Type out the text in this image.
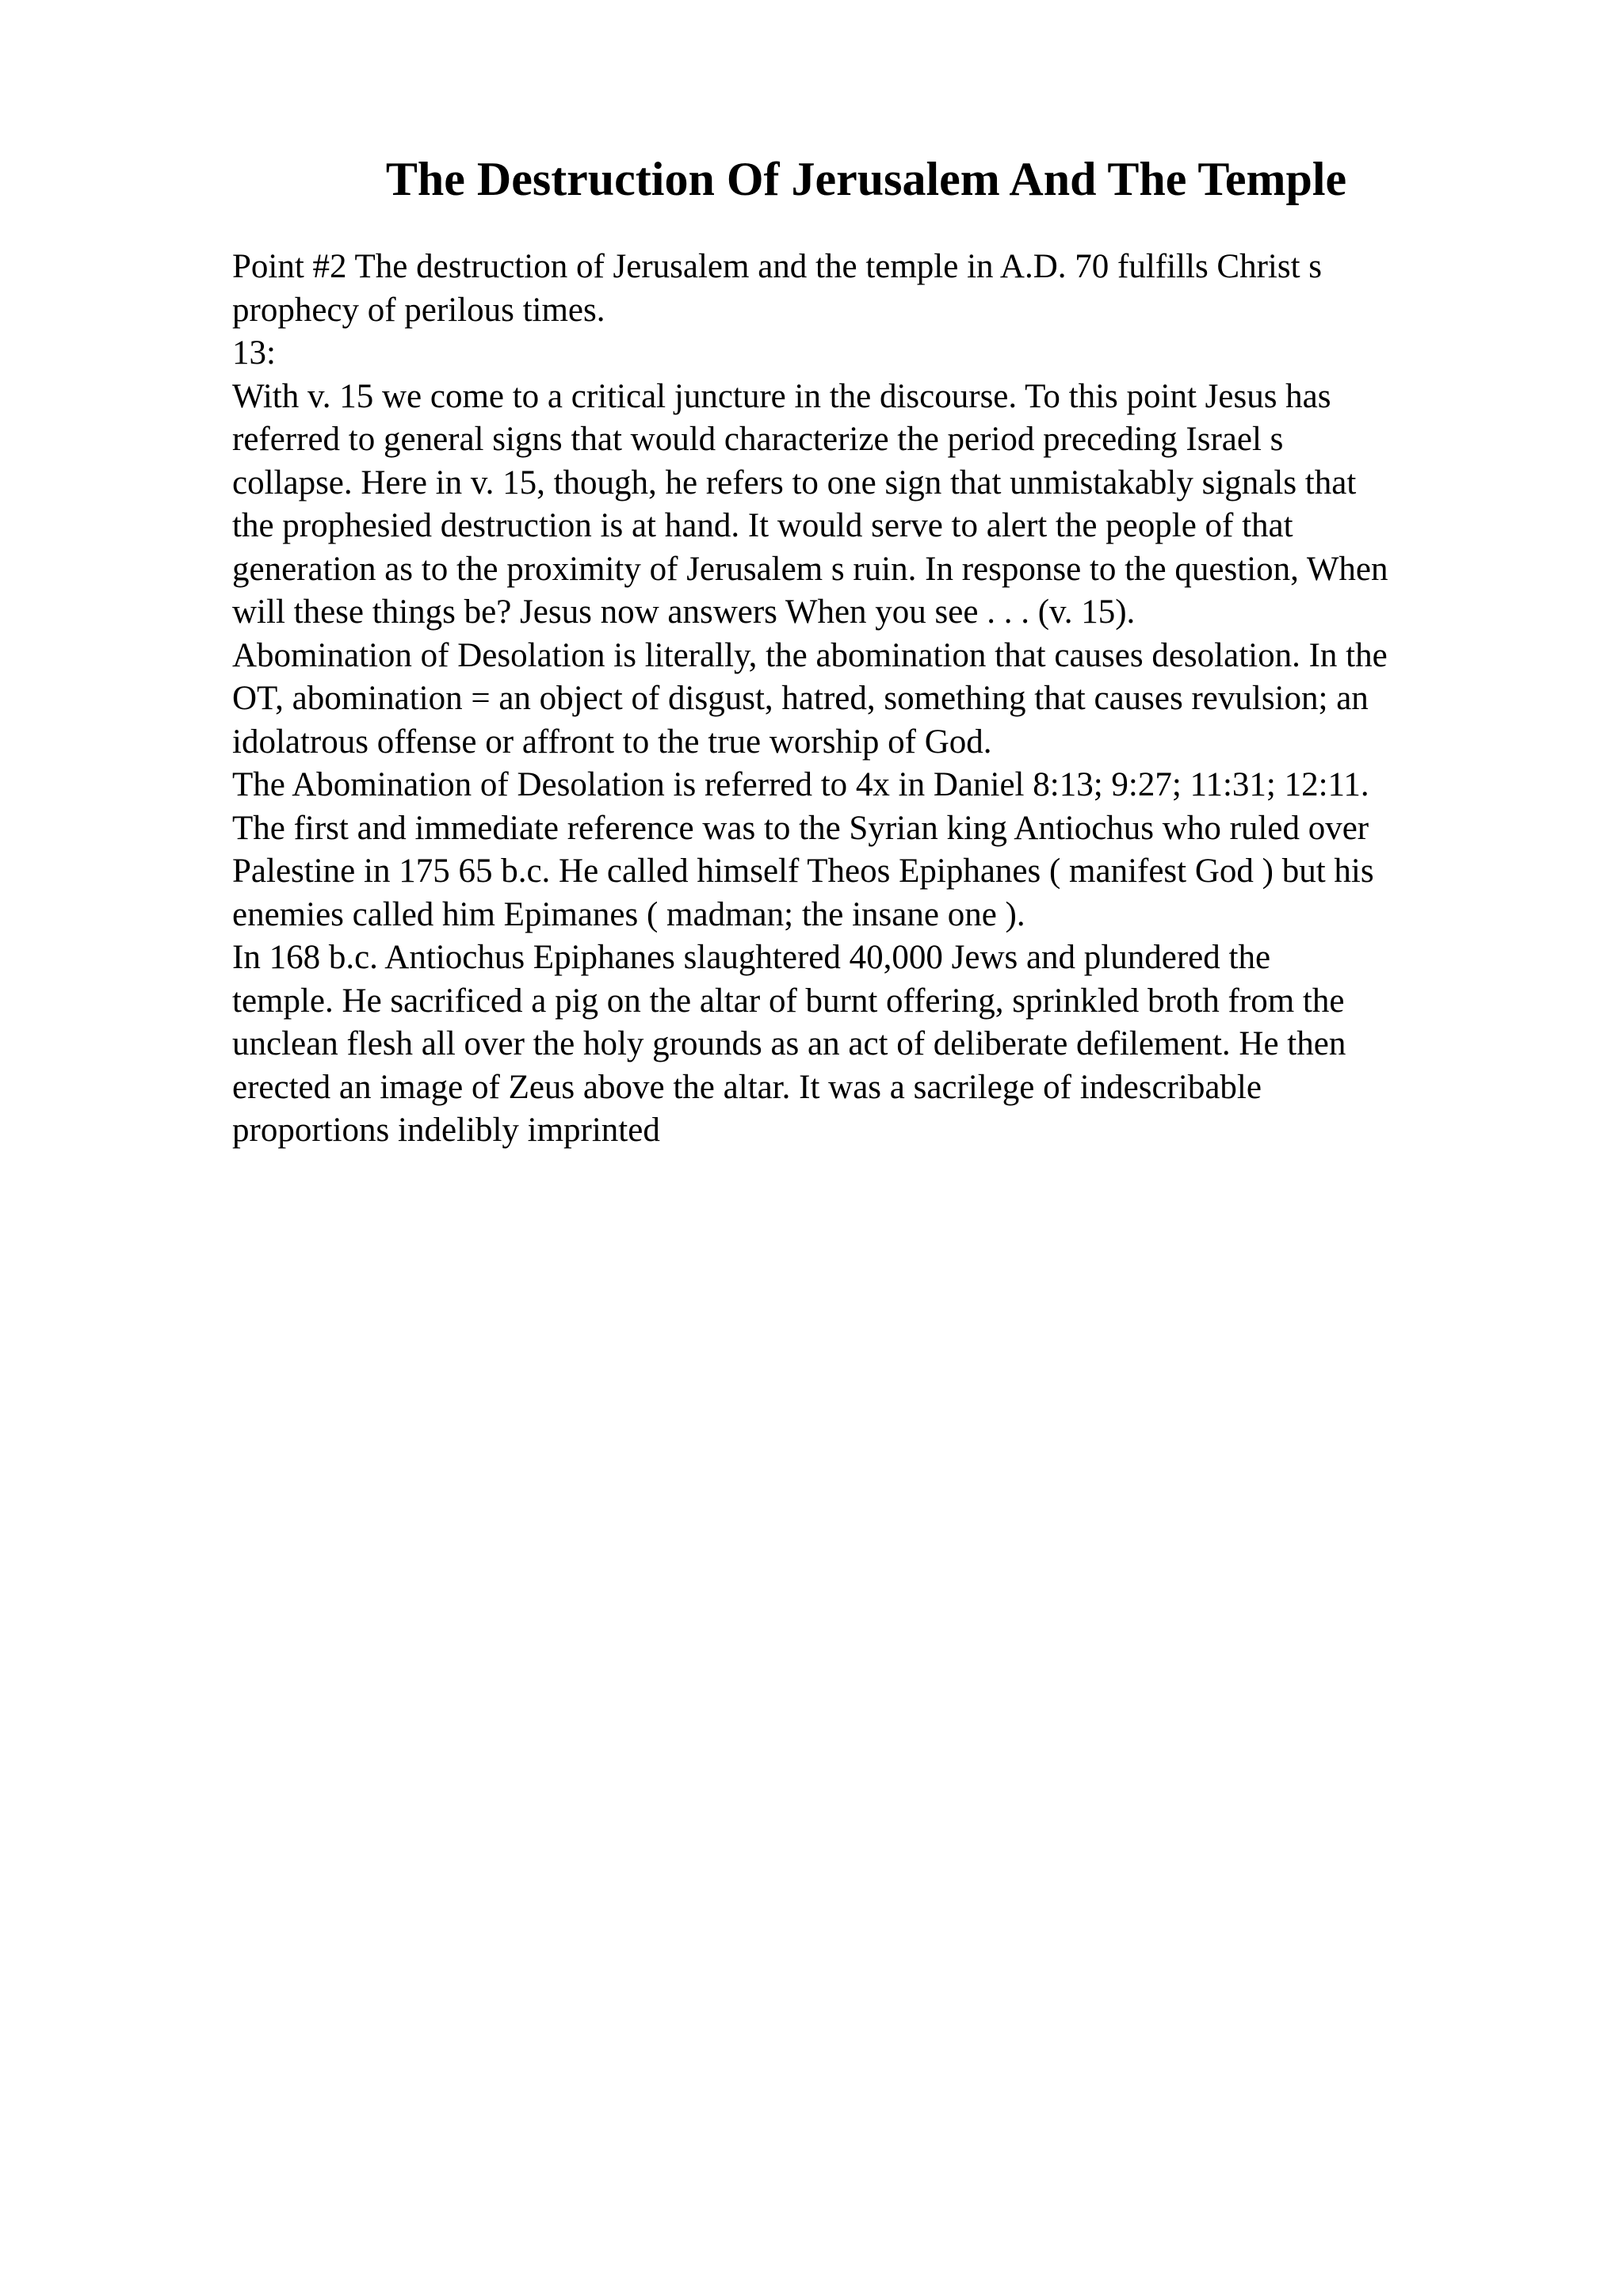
The Destruction Of Jerusalem And The Temple
Point #2 The destruction of Jerusalem and the temple in A.D. 70 fulfills Christ s
prophecy of perilous times.
13:
With v. 15 we come to a critical juncture in the discourse. To this point Jesus has
referred to general signs that would characterize the period preceding Israel s
collapse. Here in v. 15, though, he refers to one sign that unmistakably signals that
the prophesied destruction is at hand. It would serve to alert the people of that
generation as to the proximity of Jerusalem s ruin. In response to the question, When
will these things be? Jesus now answers When you see . . . (v. 15).
Abomination of Desolation is literally, the abomination that causes desolation. In the
OT, abomination = an object of disgust, hatred, something that causes revulsion; an
idolatrous offense or affront to the true worship of God.
The Abomination of Desolation is referred to 4x in Daniel 8:13; 9:27; 11:31; 12:11.
The first and immediate reference was to the Syrian king Antiochus who ruled over
Palestine in 175 65 b.c. He called himself Theos Epiphanes ( manifest God ) but his
enemies called him Epimanes ( madman; the insane one ).
In 168 b.c. Antiochus Epiphanes slaughtered 40,000 Jews and plundered the
temple. He sacrificed a pig on the altar of burnt offering, sprinkled broth from the
unclean flesh all over the holy grounds as an act of deliberate defilement. He then
erected an image of Zeus above the altar. It was a sacrilege of indescribable
proportions indelibly imprinted
